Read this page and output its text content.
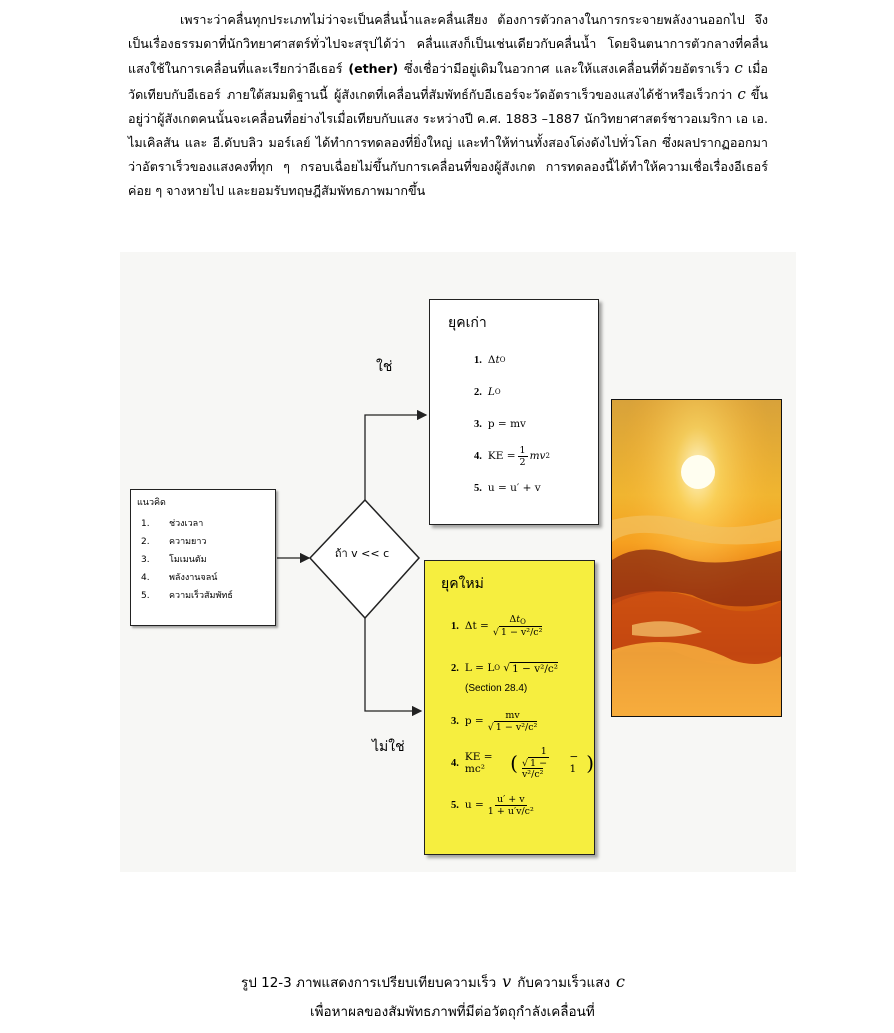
เพราะว่าคลื่นทุกประเภทไม่ว่าจะเป็นคลื่นน้ำและคลื่นเสียง ต้องการตัวกลางในการกระจายพลังงานออกไป จึงเป็นเรื่องธรรมดาที่นักวิทยาศาสตร์ทั่วไปจะสรุปได้ว่า คลื่นแสงก็เป็นเช่นเดียวกับคลื่นน้ำ โดยจินตนาการตัวกลางที่คลื่นแสงใช้ในการเคลื่อนที่และเรียกว่าอีเธอร์ (ether) ซึ่งเชื่อว่ามีอยู่เดิมในอวกาศ และให้แสงเคลื่อนที่ด้วยอัตราเร็ว c เมื่อวัดเทียบกับอีเธอร์ ภายใต้สมมติฐานนี้ ผู้สังเกตที่เคลื่อนที่สัมพัทธ์กับอีเธอร์จะวัดอัตราเร็วของแสงได้ช้าหรือเร็วกว่า c ขึ้นอยู่ว่าผู้สังเกตคนนั้นจะเคลื่อนที่อย่างไรเมื่อเทียบกับแสง ระหว่างปี ค.ศ. 1883 –1887 นักวิทยาศาสตร์ชาวอเมริกา เอ เอ. ไมเคิลสัน และ อี.ดับบลิว มอร์เลย์ ได้ทำการทดลองที่ยิ่งใหญ่ และทำให้ท่านทั้งสองโด่งดังไปทั่วโลก ซึ่งผลปรากฏออกมาว่าอัตราเร็วของแสงคงที่ทุก ๆ กรอบเฉื่อยไม่ขึ้นกับการเคลื่อนที่ของผู้สังเกต การทดลองนี้ได้ทำให้ความเชื่อเรื่องอีเธอร์ค่อย ๆ จางหายไป และยอมรับทฤษฎีสัมพัทธภาพมากขึ้น
แนวคิด
1. ช่วงเวลา
2. ความยาว
3. โมเมนตัม
4. พลังงานจลน์
5. ความเร็วสัมพัทธ์
ถ้า v << c
ใช่
ไม่ใช่
ยุคเก่า
1. Δ t O
2. L O
3. p = mv
4. KE = $\frac{1}{2}$ mv 2
5. u = u′ + v
ยุคใหม่
1. $\Delta t = \frac{\Delta t_O}{\text{√ 1 − v²/c²}}$
2. L = L O √ 1 − v²/c²
(Section 28.4)
3. $p = \frac{mv}{\text{√ 1 − v²/c²}}$
4. KE = mc²	( $\frac{1}{\text{√ 1 − v²/c²}} - 1$ )
5. $u = \frac{u' + v}{\text{1 + u′v/c²}}$
รูป 12-3 ภาพแสดงการเปรียบเทียบความเร็ว v กับความเร็วแสง c
เพื่อหาผลของสัมพัทธภาพที่มีต่อวัตถุกำลังเคลื่อนที่
